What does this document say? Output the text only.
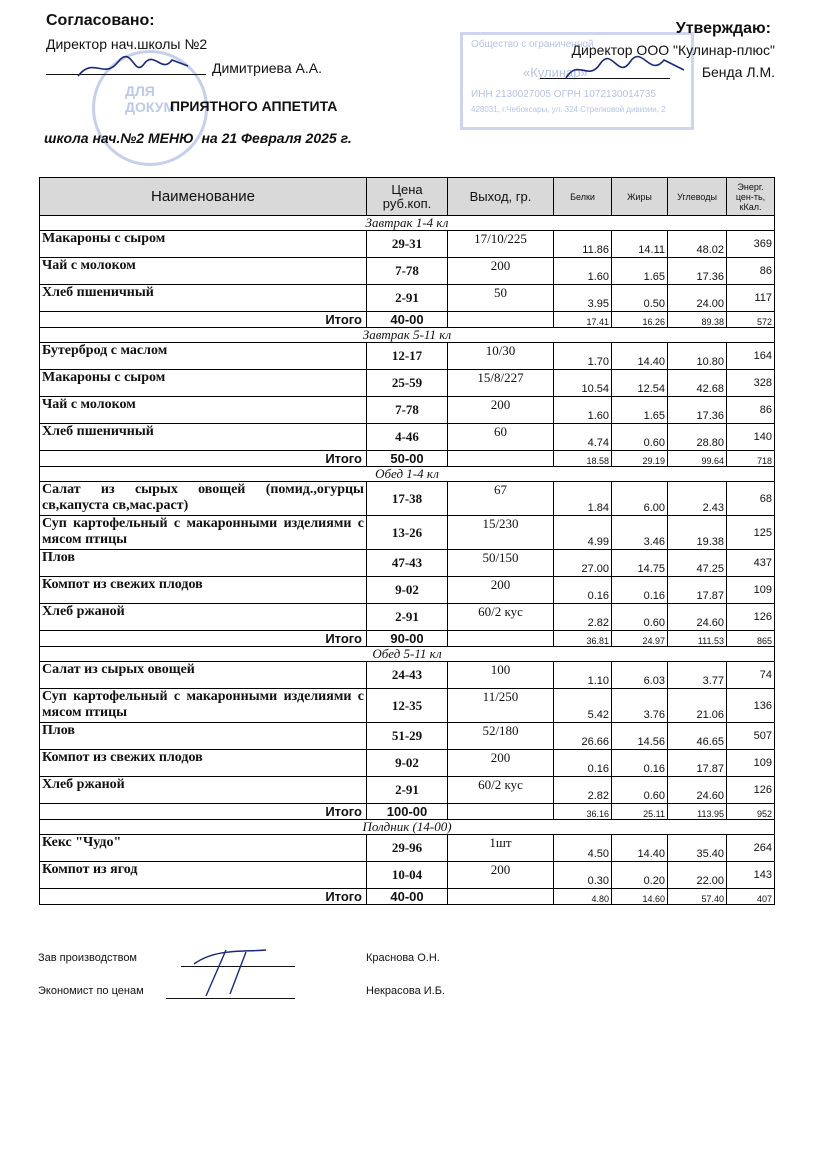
ДЛЯ ДОКУМ
Общество с ограниченной
«Кулинар»
ИНН 2130027005 ОГРН 1072130014735
428031, г.Чебоксары, ул. 324 Стрелковой дивизии, 2
Согласовано:
Директор нач.школы №2
Димитриева А.А.
Утверждаю:
Директор ООО "Кулинар-плюс"
Бенда Л.М.
ПРИЯТНОГО АППЕТИТА
школа нач.№2 МЕНЮ  на 21 Февраля 2025 г.
Наименование	Цена руб.коп.	Выход, гр.	Белки	Жиры	Углеводы	Энерг. цен-ть, кКал.
Завтрак 1-4 кл						
Макароны с сыром	29-31	17/10/225	11.86	14.11	48.02	369
Чай с молоком	7-78	200	1.60	1.65	17.36	86
Хлеб пшеничный	2-91	50	3.95	0.50	24.00	117
Итого	40-00		17.41	16.26	89.38	572
Завтрак 5-11 кл						
Бутерброд с маслом	12-17	10/30	1.70	14.40	10.80	164
Макароны с сыром	25-59	15/8/227	10.54	12.54	42.68	328
Чай с молоком	7-78	200	1.60	1.65	17.36	86
Хлеб пшеничный	4-46	60	4.74	0.60	28.80	140
Итого	50-00		18.58	29.19	99.64	718
Обед 1-4 кл						
Салат из сырых овощей (помид.,огурцы св,капуста св,мас.раст)	17-38	67	1.84	6.00	2.43	68
Суп картофельный с макаронными изделиями с мясом птицы	13-26	15/230	4.99	3.46	19.38	125
Плов	47-43	50/150	27.00	14.75	47.25	437
Компот из свежих плодов	9-02	200	0.16	0.16	17.87	109
Хлеб ржаной	2-91	60/2 кус	2.82	0.60	24.60	126
Итого	90-00		36.81	24.97	111.53	865
Обед 5-11 кл						
Салат из сырых овощей	24-43	100	1.10	6.03	3.77	74
Суп картофельный с макаронными изделиями с мясом птицы	12-35	11/250	5.42	3.76	21.06	136
Плов	51-29	52/180	26.66	14.56	46.65	507
Компот из свежих плодов	9-02	200	0.16	0.16	17.87	109
Хлеб ржаной	2-91	60/2 кус	2.82	0.60	24.60	126
Итого	100-00		36.16	25.11	113.95	952
Полдник (14-00)						
Кекс "Чудо"	29-96	1шт	4.50	14.40	35.40	264
Компот из ягод	10-04	200	0.30	0.20	22.00	143
Итого	40-00		4.80	14.60	57.40	407
Зав производством	Краснова О.Н.
Экономист по ценам	Некрасова И.Б.
